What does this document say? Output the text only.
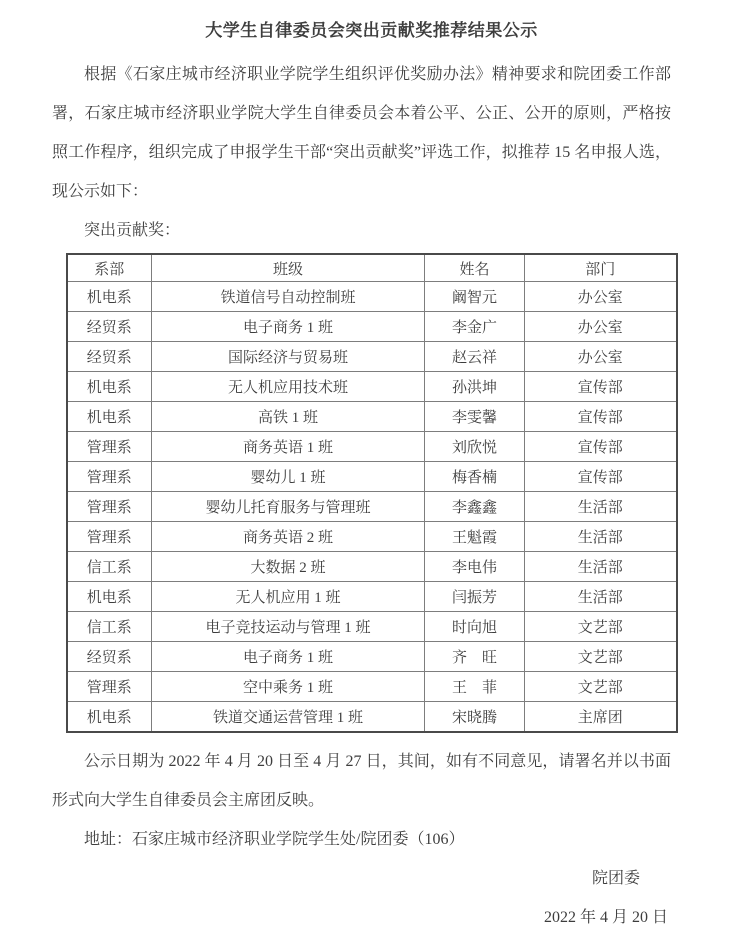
大学生自律委员会突出贡献奖推荐结果公示

根据《石家庄城市经济职业学院学生组织评优奖励办法》精神要求和院团委工作部署，石家庄城市经济职业学院大学生自律委员会本着公平、公正、公开的原则，严格按照工作程序，组织完成了申报学生干部“突出贡献奖”评选工作，拟推荐 15 名申报人选，现公示如下：

突出贡献奖：

系部	班级	姓名	部门
机电系	铁道信号自动控制班	阚智元	办公室
经贸系	电子商务 1 班	李金广	办公室
经贸系	国际经济与贸易班	赵云祥	办公室
机电系	无人机应用技术班	孙洪坤	宣传部
机电系	高铁 1 班	李雯馨	宣传部
管理系	商务英语 1 班	刘欣悦	宣传部
管理系	婴幼儿 1 班	梅香楠	宣传部
管理系	婴幼儿托育服务与管理班	李鑫鑫	生活部
管理系	商务英语 2 班	王魁霞	生活部
信工系	大数据 2 班	李电伟	生活部
机电系	无人机应用 1 班	闫振芳	生活部
信工系	电子竞技运动与管理 1 班	时向旭	文艺部
经贸系	电子商务 1 班	齐　旺	文艺部
管理系	空中乘务 1 班	王　菲	文艺部
机电系	铁道交通运营管理 1 班	宋晓腾	主席团

公示日期为 2022 年 4 月 20 日至 4 月 27 日，其间，如有不同意见，请署名并以书面形式向大学生自律委员会主席团反映。

地址：石家庄城市经济职业学院学生处/院团委（106）

院团委
2022 年 4 月 20 日
